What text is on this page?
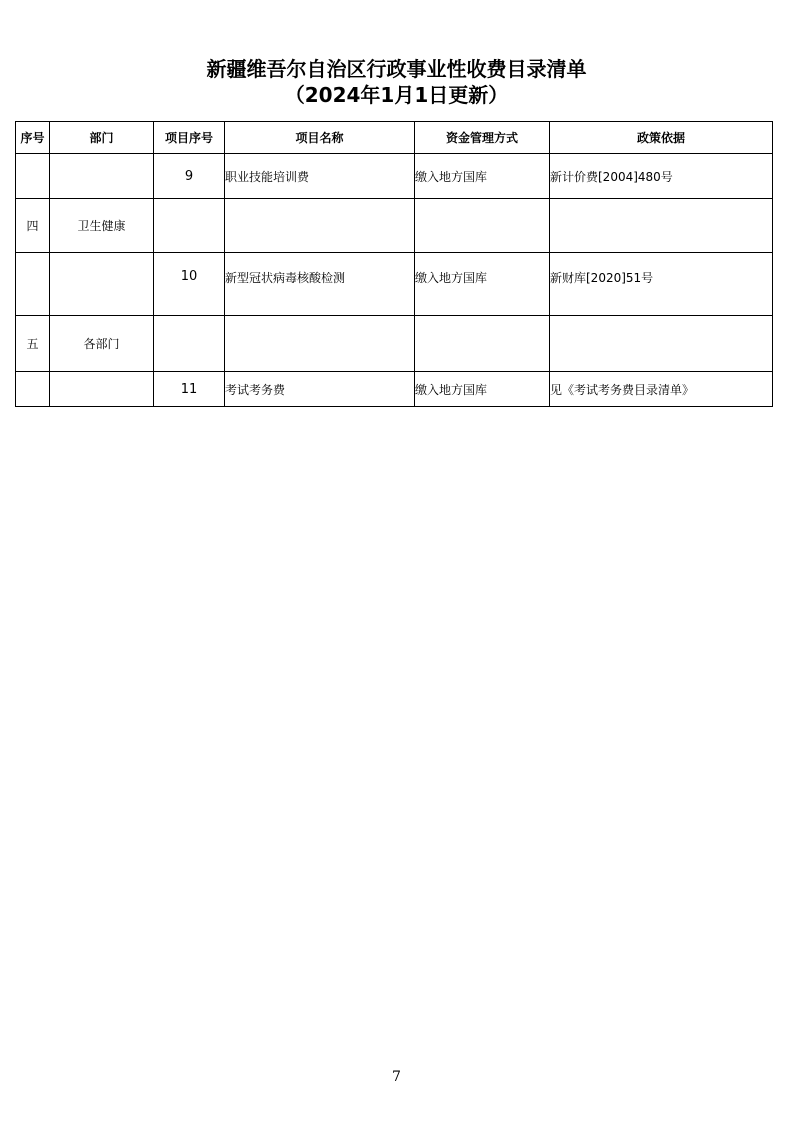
新疆维吾尔自治区行政事业性收费目录清单
（2024年1月1日更新）
序号	部门	项目序号	项目名称	资金管理方式	政策依据
		9	职业技能培训费	缴入地方国库	新计价费[2004]480号
四	卫生健康				
		10	新型冠状病毒核酸检测	缴入地方国库	新财库[2020]51号
五	各部门				
		11	考试考务费	缴入地方国库	见《考试考务费目录清单》
7
